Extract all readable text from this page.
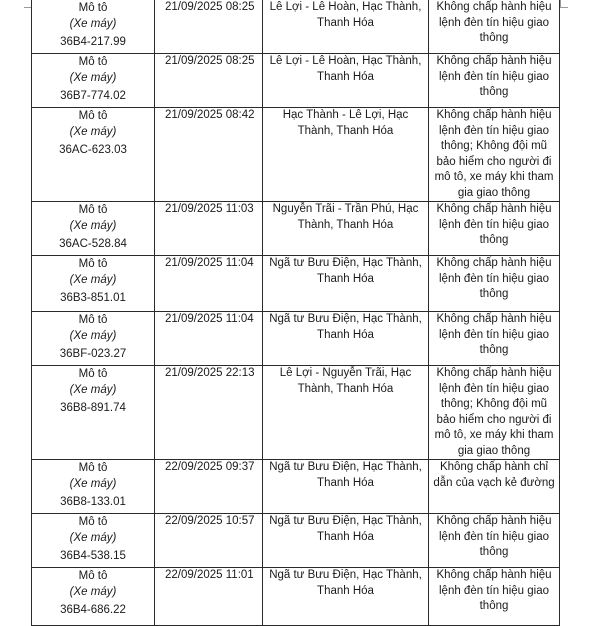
Mô tô
(Xe máy)
36B4-217.99	21/09/2025 08:25	Lê Lợi - Lê Hoàn, Hạc Thành, Thanh Hóa	Không chấp hành hiệu lệnh đèn tín hiệu giao thông
Mô tô
(Xe máy)
36B7-774.02	21/09/2025 08:25	Lê Lợi - Lê Hoàn, Hạc Thành, Thanh Hóa	Không chấp hành hiệu lệnh đèn tín hiệu giao thông
Mô tô
(Xe máy)
36AC-623.03	21/09/2025 08:42	Hạc Thành - Lê Lợi, Hạc Thành, Thanh Hóa	Không chấp hành hiệu lệnh đèn tín hiệu giao thông; Không đội mũ bảo hiểm cho người đi mô tô, xe máy khi tham gia giao thông
Mô tô
(Xe máy)
36AC-528.84	21/09/2025 11:03	Nguyễn Trãi - Trần Phú, Hạc Thành, Thanh Hóa	Không chấp hành hiệu lệnh đèn tín hiệu giao thông
Mô tô
(Xe máy)
36B3-851.01	21/09/2025 11:04	Ngã tư Bưu Điện, Hạc Thành, Thanh Hóa	Không chấp hành hiệu lệnh đèn tín hiệu giao thông
Mô tô
(Xe máy)
36BF-023.27	21/09/2025 11:04	Ngã tư Bưu Điện, Hạc Thành, Thanh Hóa	Không chấp hành hiệu lệnh đèn tín hiệu giao thông
Mô tô
(Xe máy)
36B8-891.74	21/09/2025 22:13	Lê Lợi - Nguyễn Trãi, Hạc Thành, Thanh Hóa	Không chấp hành hiệu lệnh đèn tín hiệu giao thông; Không đội mũ bảo hiểm cho người đi mô tô, xe máy khi tham gia giao thông
Mô tô
(Xe máy)
36B8-133.01	22/09/2025 09:37	Ngã tư Bưu Điện, Hạc Thành, Thanh Hóa	Không chấp hành chỉ dẫn của vạch kẻ đường
Mô tô
(Xe máy)
36B4-538.15	22/09/2025 10:57	Ngã tư Bưu Điện, Hạc Thành, Thanh Hóa	Không chấp hành hiệu lệnh đèn tín hiệu giao thông
Mô tô
(Xe máy)
36B4-686.22	22/09/2025 11:01	Ngã tư Bưu Điện, Hạc Thành, Thanh Hóa	Không chấp hành hiệu lệnh đèn tín hiệu giao thông
